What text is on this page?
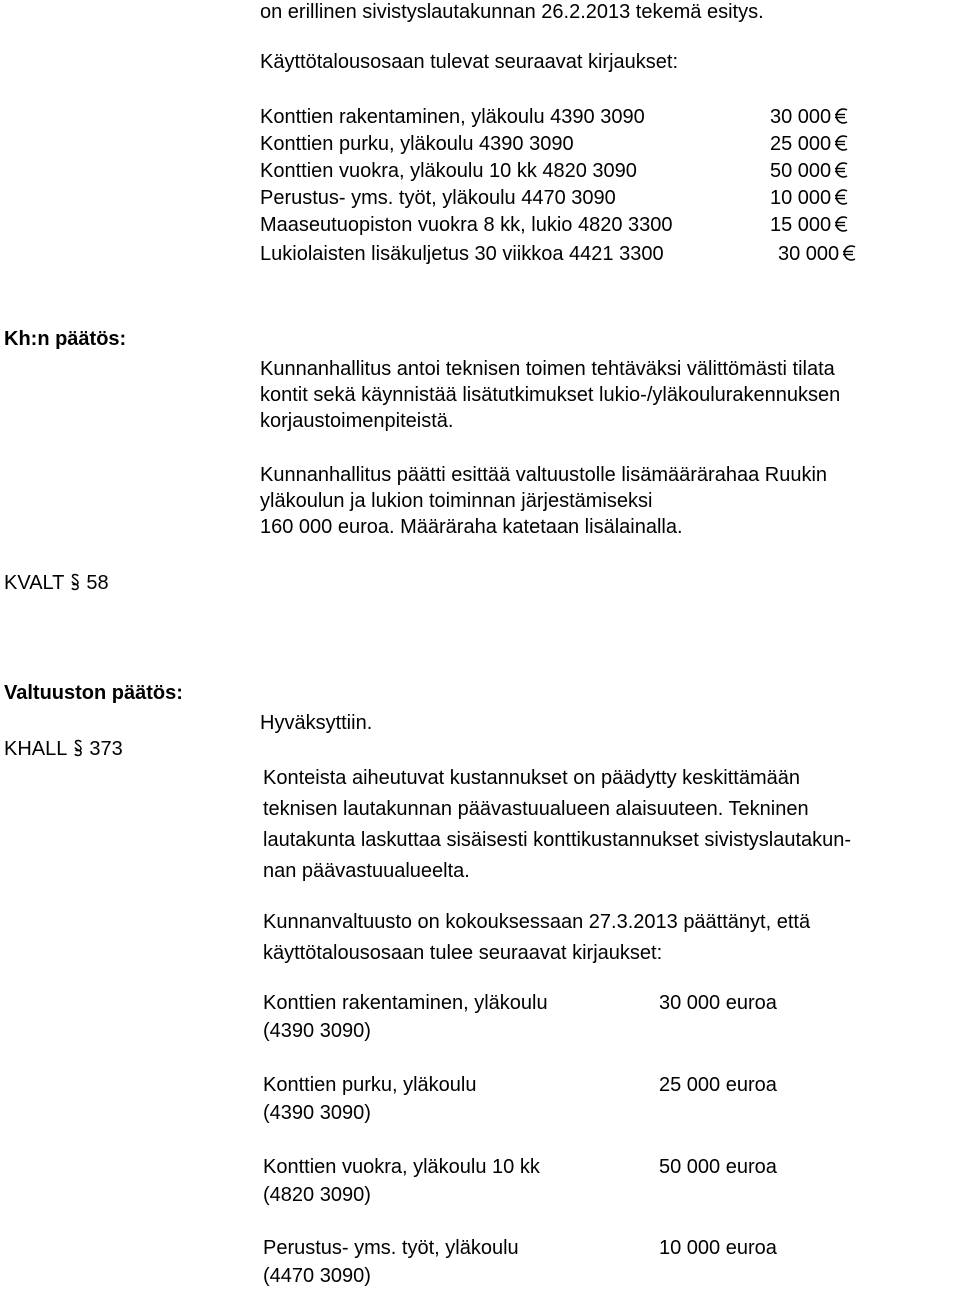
on erillinen sivistyslautakunnan 26.2.2013 tekemä esitys.
Käyttötalousosaan tulevat seuraavat kirjaukset:
Konttien rakentaminen, yläkoulu 4390 3090	30 000
Konttien purku, yläkoulu 4390 3090	25 000
Konttien vuokra, yläkoulu 10 kk 4820 3090	50 000
Perustus- yms. työt, yläkoulu 4470 3090	10 000
Maaseutuopiston vuokra 8 kk, lukio 4820 3300	15 000
Lukiolaisten lisäkuljetus 30 viikkoa 4421 3300	30 000
Kh:n päätös:
Kunnanhallitus antoi teknisen toimen tehtäväksi välittömästi tilata
kontit sekä käynnistää lisätutkimukset lukio-/yläkoulurakennuksen
korjaustoimenpiteistä.
Kunnanhallitus päätti esittää valtuustolle lisämäärärahaa Ruukin
yläkoulun ja lukion toiminnan järjestämiseksi
160 000 euroa. Määräraha katetaan lisälainalla.
KVALT 58
Valtuuston päätös:
KHALL 373
Hyväksyttiin.
Konteista aiheutuvat kustannukset on päädytty keskittämään
teknisen lautakunnan päävastuualueen alaisuuteen. Tekninen
lautakunta laskuttaa sisäisesti konttikustannukset sivistyslautakun-
nan päävastuualueelta.
Kunnanvaltuusto on kokouksessaan 27.3.2013 päättänyt, että
käyttötalousosaan tulee seuraavat kirjaukset:
Konttien rakentaminen, yläkoulu
(4390 3090)
30 000 euroa
Konttien purku, yläkoulu
(4390 3090)
25 000 euroa
Konttien vuokra, yläkoulu 10 kk
(4820 3090)
50 000 euroa
Perustus- yms. työt, yläkoulu
(4470 3090)
10 000 euroa
